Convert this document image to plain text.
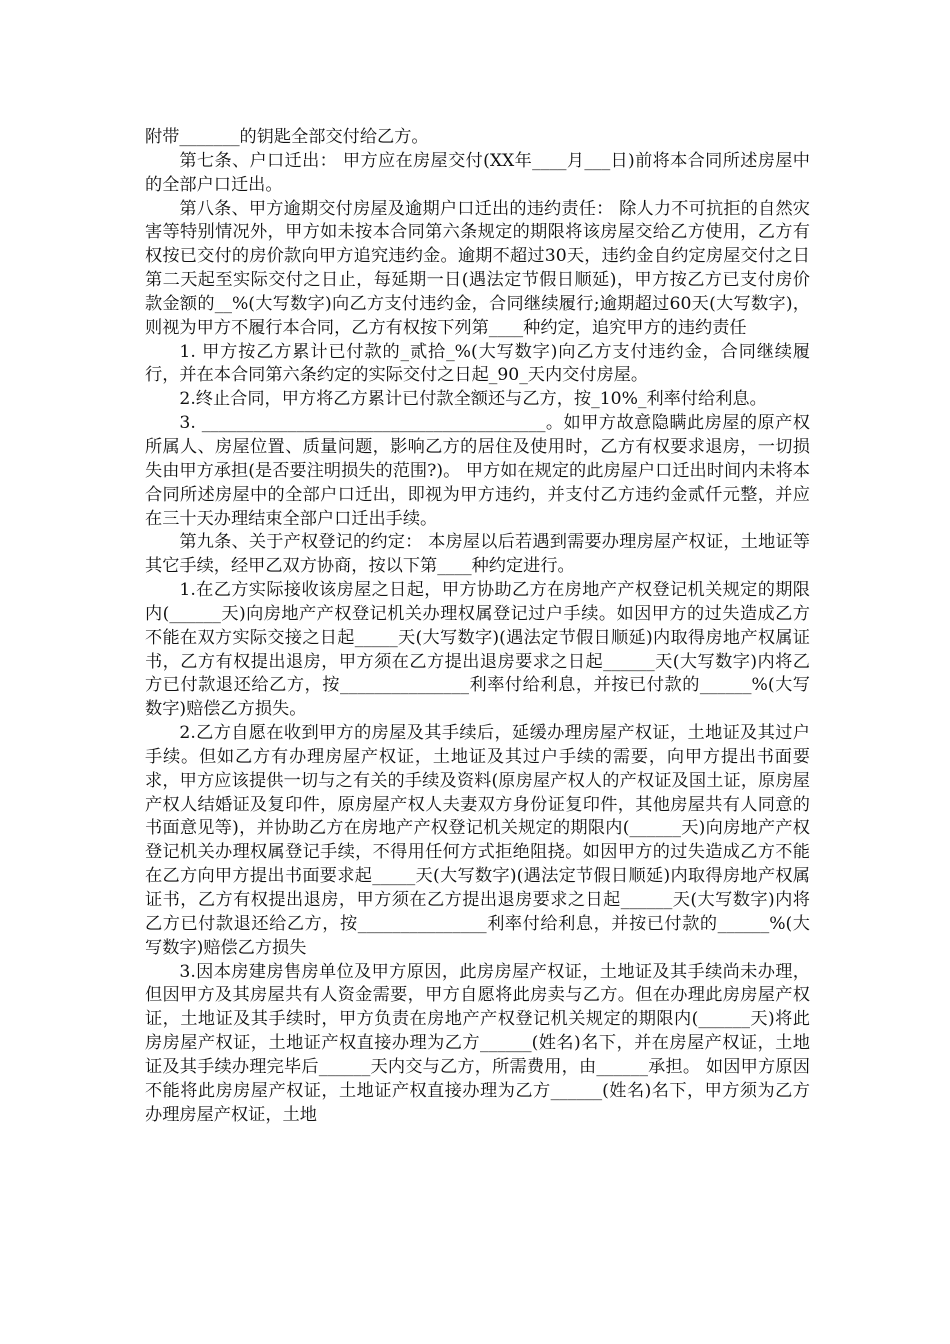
附带_______的钥匙全部交付给乙方。

第七条、户口迁出： 甲方应在房屋交付(XX年____月___日)前将本合同所述房屋中的全部户口迁出。

第八条、甲方逾期交付房屋及逾期户口迁出的违约责任： 除人力不可抗拒的自然灾害等特别情况外，甲方如未按本合同第六条规定的期限将该房屋交给乙方使用，乙方有权按已交付的房价款向甲方追究违约金。逾期不超过30天，违约金自约定房屋交付之日第二天起至实际交付之日止，每延期一日(遇法定节假日顺延)，甲方按乙方已支付房价款金额的__%(大写数字)向乙方支付违约金，合同继续履行;逾期超过60天(大写数字)，则视为甲方不履行本合同，乙方有权按下列第____种约定，追究甲方的违约责任

1. 甲方按乙方累计已付款的_贰拾_%(大写数字)向乙方支付违约金，合同继续履行，并在本合同第六条约定的实际交付之日起_90_天内交付房屋。

2.终止合同，甲方将乙方累计已付款全额还与乙方，按_10%_利率付给利息。

3. ________________________________________。如甲方故意隐瞒此房屋的原产权所属人、房屋位置、质量问题，影响乙方的居住及使用时，乙方有权要求退房，一切损失由甲方承担(是否要注明损失的范围?)。 甲方如在规定的此房屋户口迁出时间内未将本合同所述房屋中的全部户口迁出，即视为甲方违约，并支付乙方违约金贰仟元整，并应在三十天办理结束全部户口迁出手续。

第九条、关于产权登记的约定： 本房屋以后若遇到需要办理房屋产权证，土地证等其它手续，经甲乙双方协商，按以下第____种约定进行。

1.在乙方实际接收该房屋之日起，甲方协助乙方在房地产产权登记机关规定的期限内(______天)向房地产产权登记机关办理权属登记过户手续。如因甲方的过失造成乙方不能在双方实际交接之日起_____天(大写数字)(遇法定节假日顺延)内取得房地产权属证书，乙方有权提出退房，甲方须在乙方提出退房要求之日起______天(大写数字)内将乙方已付款退还给乙方，按_______________利率付给利息，并按已付款的______%(大写数字)赔偿乙方损失。

2.乙方自愿在收到甲方的房屋及其手续后，延缓办理房屋产权证，土地证及其过户手续。但如乙方有办理房屋产权证，土地证及其过户手续的需要，向甲方提出书面要求，甲方应该提供一切与之有关的手续及资料(原房屋产权人的产权证及国土证，原房屋产权人结婚证及复印件，原房屋产权人夫妻双方身份证复印件，其他房屋共有人同意的书面意见等)，并协助乙方在房地产产权登记机关规定的期限内(______天)向房地产产权登记机关办理权属登记手续，不得用任何方式拒绝阻挠。如因甲方的过失造成乙方不能在乙方向甲方提出书面要求起_____天(大写数字)(遇法定节假日顺延)内取得房地产权属证书，乙方有权提出退房，甲方须在乙方提出退房要求之日起______天(大写数字)内将乙方已付款退还给乙方，按_______________利率付给利息，并按已付款的______%(大写数字)赔偿乙方损失

3.因本房建房售房单位及甲方原因，此房房屋产权证，土地证及其手续尚未办理，但因甲方及其房屋共有人资金需要，甲方自愿将此房卖与乙方。但在办理此房房屋产权证，土地证及其手续时，甲方负责在房地产产权登记机关规定的期限内(______天)将此房房屋产权证，土地证产权直接办理为乙方______(姓名)名下，并在房屋产权证，土地证及其手续办理完毕后______天内交与乙方，所需费用，由______承担。 如因甲方原因不能将此房房屋产权证，土地证产权直接办理为乙方______(姓名)名下，甲方须为乙方办理房屋产权证，土地
